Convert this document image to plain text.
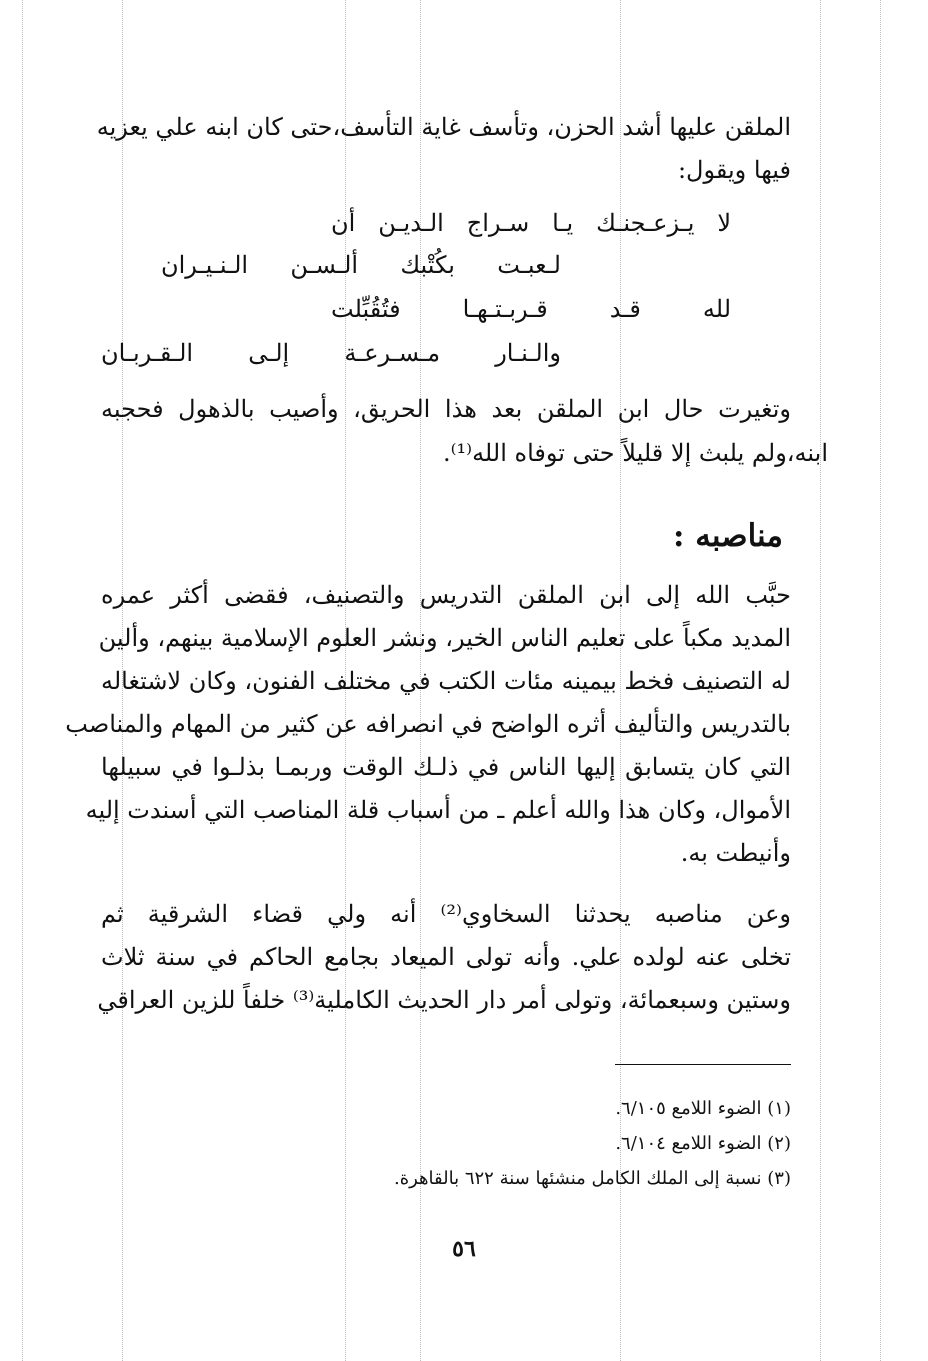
الملقن عليها أشد الحزن، وتأسف غاية التأسف،حتى كان ابنه علي يعزيه
فيها ويقول:
لا
يـزعـجنـك
يـا
سـراج
الـديـن
أن
لـعبـت
بكُتْبك
ألـسـن
الـنـيـران
لله
قـد
قـربـتـهـا
فتُقُبِّلت
والـنـار
مـسـرعـة
إلـى
الـقـربـان
وتغيرت حال ابن الملقن بعد هذا الحريق، وأصيب بالذهول فحجبه
ابنه،ولم يلبث إلا قليلاً حتى توفاه الله⁽¹⁾.
مناصبه :
حبَّب الله إلى ابن الملقن التدريس والتصنيف، فقضى أكثر عمره
المديد مكباً على تعليم الناس الخير، ونشر العلوم الإسلامية بينهم، وألين
له التصنيف فخط بيمينه مئات الكتب في مختلف الفنون، وكان لاشتغاله
بالتدريس والتأليف أثره الواضح في انصرافه عن كثير من المهام والمناصب
التي كان يتسابق إليها الناس في ذلـك الوقت وربمـا بذلـوا في سبيلها
الأموال، وكان هذا والله أعلم ـ من أسباب قلة المناصب التي أسندت إليه
وأنيطت به.
وعن مناصبه يحدثنا السخاوي⁽²⁾ أنه ولي قضاء الشرقية ثم
تخلى عنه لولده علي. وأنه تولى الميعاد بجامع الحاكم في سنة ثلاث
وستين وسبعمائة، وتولى أمر دار الحديث الكاملية⁽³⁾ خلفاً للزين العراقي
(١) الضوء اللامع ٦/١٠٥.
(٢) الضوء اللامع ٦/١٠٤.
(٣) نسبة إلى الملك الكامل منشئها سنة ٦٢٢ بالقاهرة.
٥٦
